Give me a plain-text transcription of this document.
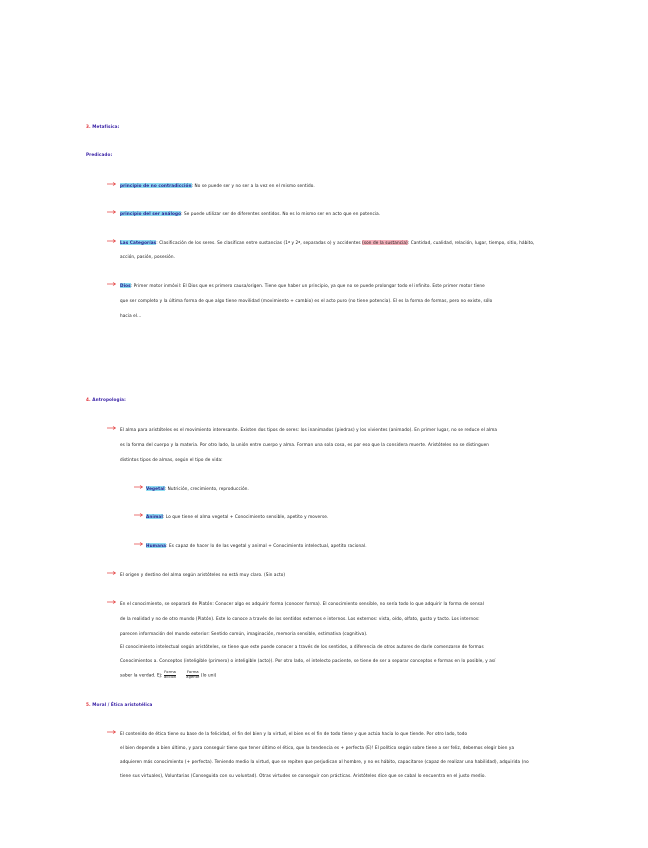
3. Metafísica:
Predicado:
principio de no contradicción: No se puede ser y no ser a la vez en el mismo sentido.
principio del ser análogo: Se puede utilizar ser de diferentes sentidos. No es lo mismo ser en acto que en potencia.
Las Categorías: Clasificación de los seres. Se clasifican entre sustancias (1ª y 2ª, separadas o) y accidentes (son de la sustancia): Cantidad, cualidad, relación, lugar, tiempo, sitio, hábito,
acción, pasión, posesión.
Dios: Primer motor inmóvil: El Dios que es primero causa/origen. Tiene que haber un principio, ya que no se puede prolongar todo el infinito. Este primer motor tiene
que ser completo y la última forma de que algo tiene movilidad (movimiento + cambio) es el acto puro (no tiene potencia). El es la forma de formas, pero no existe, sólo
hacia el...
4. Antropología:
El alma para aristóteles es el movimiento interesante. Existen dos tipos de seres: los inanimados (piedras) y los vivientes (animado). En primer lugar, no se reduce el alma
es la forma del cuerpo y la materia. Por otro lado, la unión entre cuerpo y alma. Forman una sola cosa, es por eso que la considera muerte. Aristóteles no se distinguen
distintos tipos de almas, según el tipo de vida:
Vegetal: Nutrición, crecimiento, reproducción.
Animal: Lo que tiene el alma vegetal + Conocimiento sensible, apetito y moverse.
Humana: Es capaz de hacer lo de las vegetal y animal + Conocimiento intelectual, apetito racional.
El origen y destino del alma según aristóteles no está muy claro. (Sin acto)
En el conocimiento, se separará de Platón: Conocer algo es adquirir forma (conocer forma). El conocimiento sensible, no sería todo lo que adquirir la forma de sensal
de la realidad y no de otro mundo (Platón). Este lo conoce a través de los sentidos externos e internos. Los externos: vista, oído, olfato, gusto y tacto. Los internos:
parecen información del mundo exterior: Sentido común, imaginación, memoria sensible, estimativa (cognitiva).
El conocimiento intelectual según aristóteles, se tiene que este puede conocer a través de los sentidos, a diferencia de otros autores de darle comenzarse de formas
Conocimientos a. Conceptos (inteligible (primero) o inteligible (acto)). Por otro lado, el intelecto paciente, se tiene de ser a separar conceptos e formas en lo posible, y así
saber la verdad. Ej: $\frac{\text{Forma}}{\text{acción}}$	$\frac{\text{Forma}}{\text{agente}} (lo$ uni)
5. Moral / Ética aristotélica
El contenido de ética tiene su base de la felicidad, el fin del bien y la virtud, el bien es el fin de todo tiene y que actúa hacia lo que tiende. Por otro lado, todo
el bien depende a bien último, y para conseguir tiene que tener último el ético, que la tendencia es + perfecta (E)! El político según sobre tiene a ser feliz, debemos elegir bien ya
adquieren más conocimiento (+ perfecta). Teniendo medio la virtud, que se repiten que perjudican al hombre, y no es hábito, capacitarse (capaz de realizar una habilidad), adquirida (no
tiene sus virtuales), Voluntarias (Conseguida con su voluntad). Otras virtudes se conseguir con prácticas. Aristóteles dice que se cabal lo encuentra en el justo medio.
